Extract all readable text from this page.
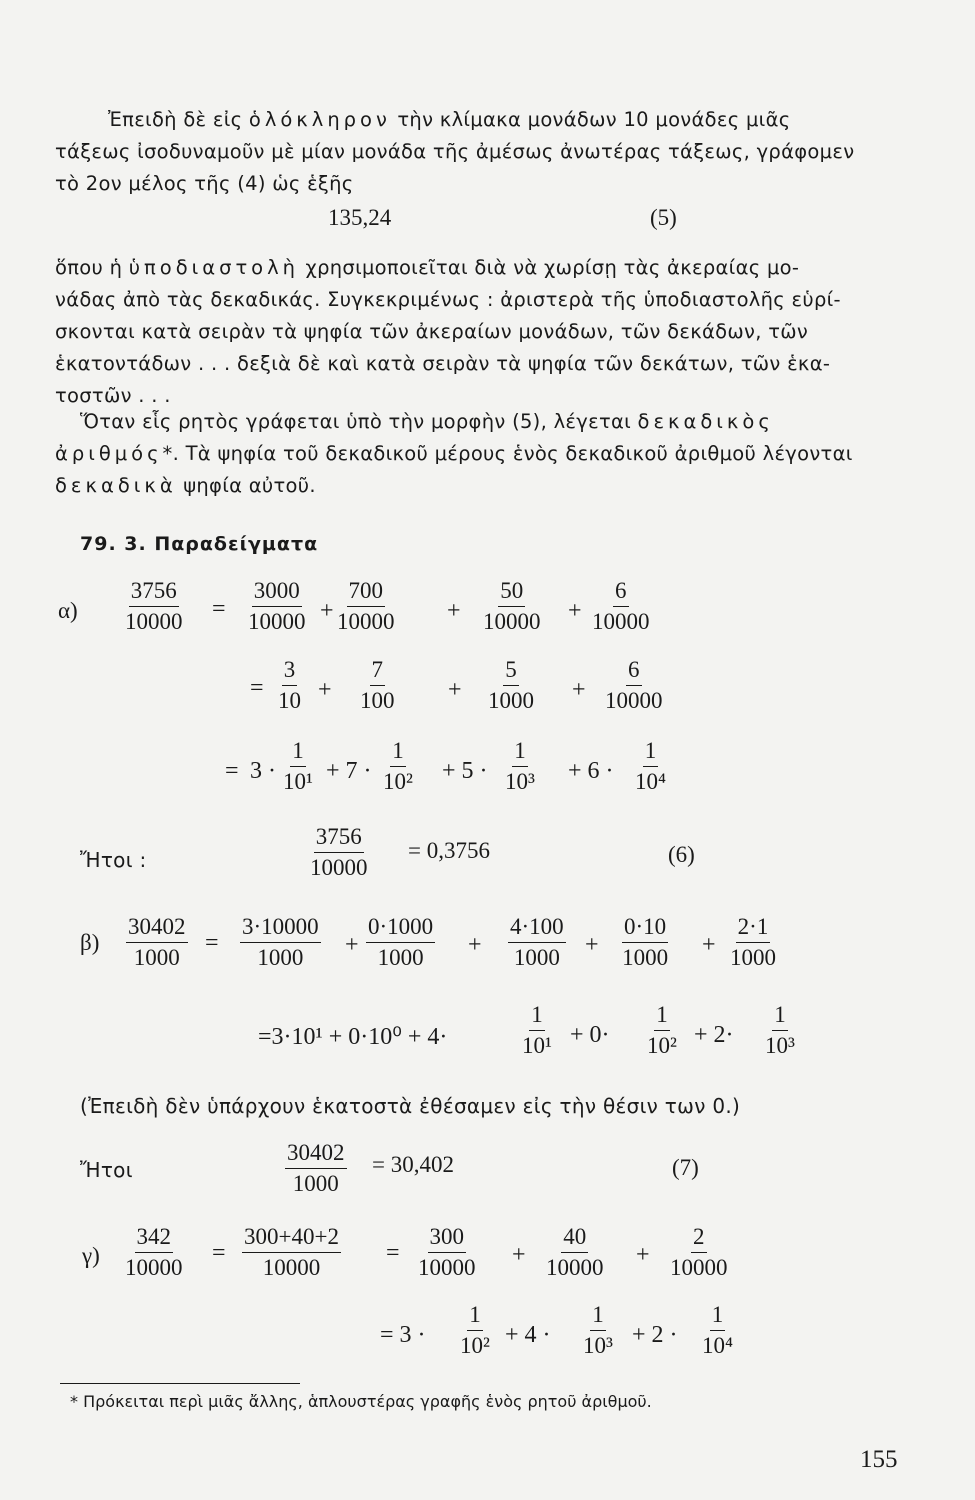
Ἐπειδὴ δὲ εἰς ὁλόκληρον τὴν κλίμακα μονάδων 10 μονάδες μιᾶς
τάξεως ἰσοδυναμοῦν μὲ μίαν μονάδα τῆς ἀμέσως ἀνωτέρας τάξεως, γράφομεν
τὸ 2ον μέλος τῆς (4) ὡς ἑξῆς
135,24	(5)
ὅπου ἡ ὑποδιαστολὴ χρησιμοποιεῖται διὰ νὰ χωρίσῃ τὰς ἀκεραίας μο-
νάδας ἀπὸ τὰς δεκαδικάς. Συγκεκριμένως : ἀριστερὰ τῆς ὑποδιαστολῆς εὑρί-
σκονται κατὰ σειρὰν τὰ ψηφία τῶν ἀκεραίων μονάδων, τῶν δεκάδων, τῶν
ἑκατοντάδων . . . δεξιὰ δὲ καὶ κατὰ σειρὰν τὰ ψηφία τῶν δεκάτων, τῶν ἑκα-
τοστῶν . . .
Ὅταν εἷς ρητὸς γράφεται ὑπὸ τὴν μορφὴν (5), λέγεται δεκαδικὸς
ἀριθμός*. Τὰ ψηφία τοῦ δεκαδικοῦ μέρους ἑνὸς δεκαδικοῦ ἀριθμοῦ λέγονται
δεκαδικὰ ψηφία αὐτοῦ.
79. 3. Παραδείγματα
$\alpha) \frac{3756}{10000} = \frac{3000}{10000} + \frac{700}{10000} + \frac{50}{10000} + \frac{6}{10000}$
= $\frac{3}{10} + \frac{7}{100} + \frac{5}{1000} + \frac{6}{10000}$
= $3 \cdot \frac{1}{\text{10¹}} + 7 \cdot \frac{1}{\text{10²}} + 5 \cdot \frac{1}{\text{10³}} + 6 \cdot \frac{1}{\text{10⁴}}$
Ἤτοι :	$\frac{3756}{10000} = 0,3756$	(6)
$\beta) \frac{30402}{1000} = \frac{3\cdot 10000}{1000} + \frac{0\cdot 1000}{1000} + \frac{4\cdot 100}{1000} + \frac{0\cdot 10}{1000} + \frac{2\cdot 1}{1000}$
=3·10¹ + 0·10⁰ + 4·	$\frac{1}{\text{10¹}} + 0\cdot \frac{1}{\text{10²}} + 2\cdot \frac{1}{\text{10³}}$
(Ἐπειδὴ δὲν ὑπάρχουν ἑκατοστὰ ἐθέσαμεν εἰς τὴν θέσιν των 0.)
Ἤτοι	$\frac{30402}{1000} = 30,402$	(7)
$\gamma) \frac{342}{10000} = \frac{300+40+2}{10000} = \frac{300}{10000} + \frac{40}{10000} + \frac{2}{10000}$
= $3 \cdot \frac{1}{\text{10²}} + 4 \cdot \frac{1}{\text{10³}} + 2 \cdot \frac{1}{\text{10⁴}}$
* Πρόκειται περὶ μιᾶς ἄλλης, ἁπλουστέρας γραφῆς ἑνὸς ρητοῦ ἀριθμοῦ.
155
